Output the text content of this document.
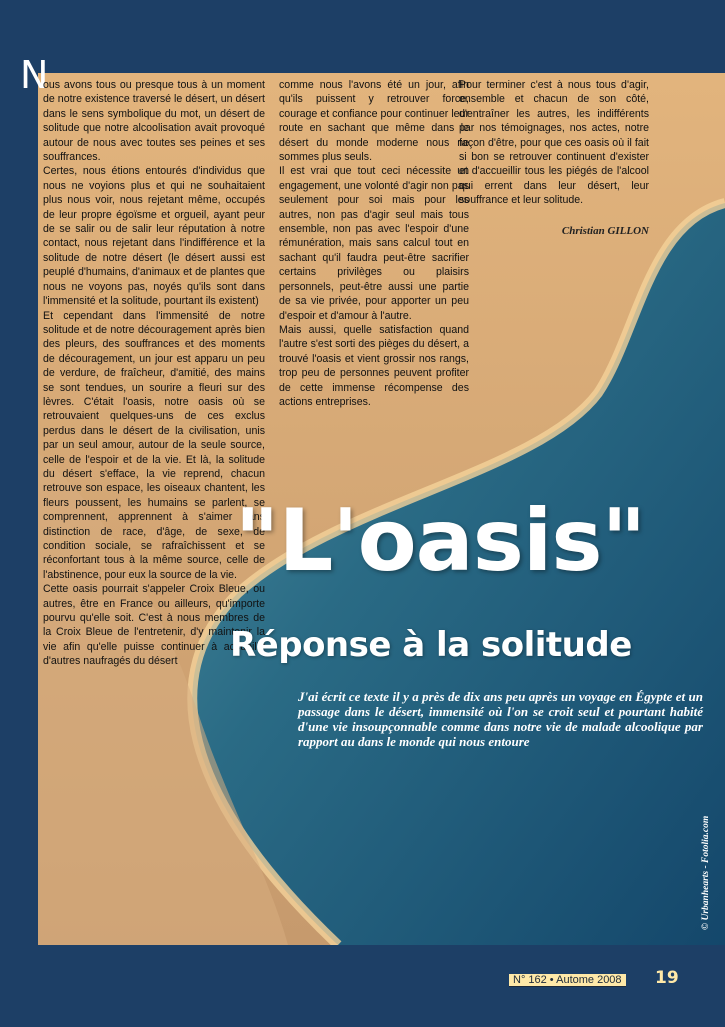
N

ous avons tous ou presque tous à un moment de notre existence traversé le désert, un désert dans le sens symbolique du mot, un désert de solitude que notre alcoolisation avait provoqué autour de nous avec toutes ses peines et ses souffrances.

Certes, nous étions entourés d'individus que nous ne voyions plus et qui ne souhaitaient plus nous voir, nous rejetant même, occupés de leur propre égoïsme et orgueil, ayant peur de se salir ou de salir leur réputation à notre contact, nous rejetant dans l'indifférence et la solitude de notre désert (le désert aussi est peuplé d'humains, d'animaux et de plantes que nous ne voyons pas, noyés qu'ils sont dans l'immensité et la solitude, pourtant ils existent)

Et cependant dans l'immensité de notre solitude et de notre découragement après bien des pleurs, des souffrances et des moments de découragement, un jour est apparu un peu de verdure, de fraîcheur, d'amitié, des mains se sont tendues, un sourire a fleuri sur des lèvres. C'était l'oasis, notre oasis où se retrouvaient quelques-uns de ces exclus perdus dans le désert de la civilisation, unis par un seul amour, autour de la seule source, celle de l'espoir et de la vie. Et là, la solitude du désert s'efface, la vie reprend, chacun retrouve son espace, les oiseaux chantent, les fleurs poussent, les humains se parlent, se comprennent, apprennent à s'aimer sans distinction de race, d'âge, de sexe, de condition sociale, se rafraîchissent et se réconfortant tous à la même source, celle de l'abstinence, pour eux la source de la vie.

Cette oasis pourrait s'appeler Croix Bleue, ou autres, être en France ou ailleurs, qu'importe pourvu qu'elle soit. C'est à nous membres de la Croix Bleue de l'entretenir, d'y maintenir la vie afin qu'elle puisse continuer à accueillir d'autres naufragés du désert

comme nous l'avons été un jour, afin qu'ils puissent y retrouver force, courage et confiance pour continuer leur route en sachant que même dans le désert du monde moderne nous ne sommes plus seuls.

Il est vrai que tout ceci nécessite un engagement, une volonté d'agir non pas seulement pour soi mais pour les autres, non pas d'agir seul mais tous ensemble, non pas avec l'espoir d'une rémunération, mais sans calcul tout en sachant qu'il faudra peut-être sacrifier certains privilèges ou plaisirs personnels, peut-être aussi une partie de sa vie privée, pour apporter un peu d'espoir et d'amour à l'autre.

Mais aussi, quelle satisfaction quand l'autre s'est sorti des pièges du désert, a trouvé l'oasis et vient grossir nos rangs, trop peu de personnes peuvent profiter de cette immense récompense des actions entreprises.

Pour terminer c'est à nous tous d'agir, ensemble et chacun de son côté, d'entraîner les autres, les indifférents par nos témoignages, nos actes, notre façon d'être, pour que ces oasis où il fait si bon se retrouver continuent d'exister et d'accueillir tous les piégés de l'alcool qui errent dans leur désert, leur souffrance et leur solitude.

Christian GILLON
"L'oasis"
Réponse à la solitude
J'ai écrit ce texte il y a près de dix ans peu après un voyage en Égypte et un passage dans le désert, immensité où l'on se croit seul et pourtant habité d'une vie insoupçonnable comme dans notre vie de malade alcoolique par rapport au dans le monde qui nous entoure
© Urbanhearts - Fotolia.com
N° 162 • Autome 2008 19
